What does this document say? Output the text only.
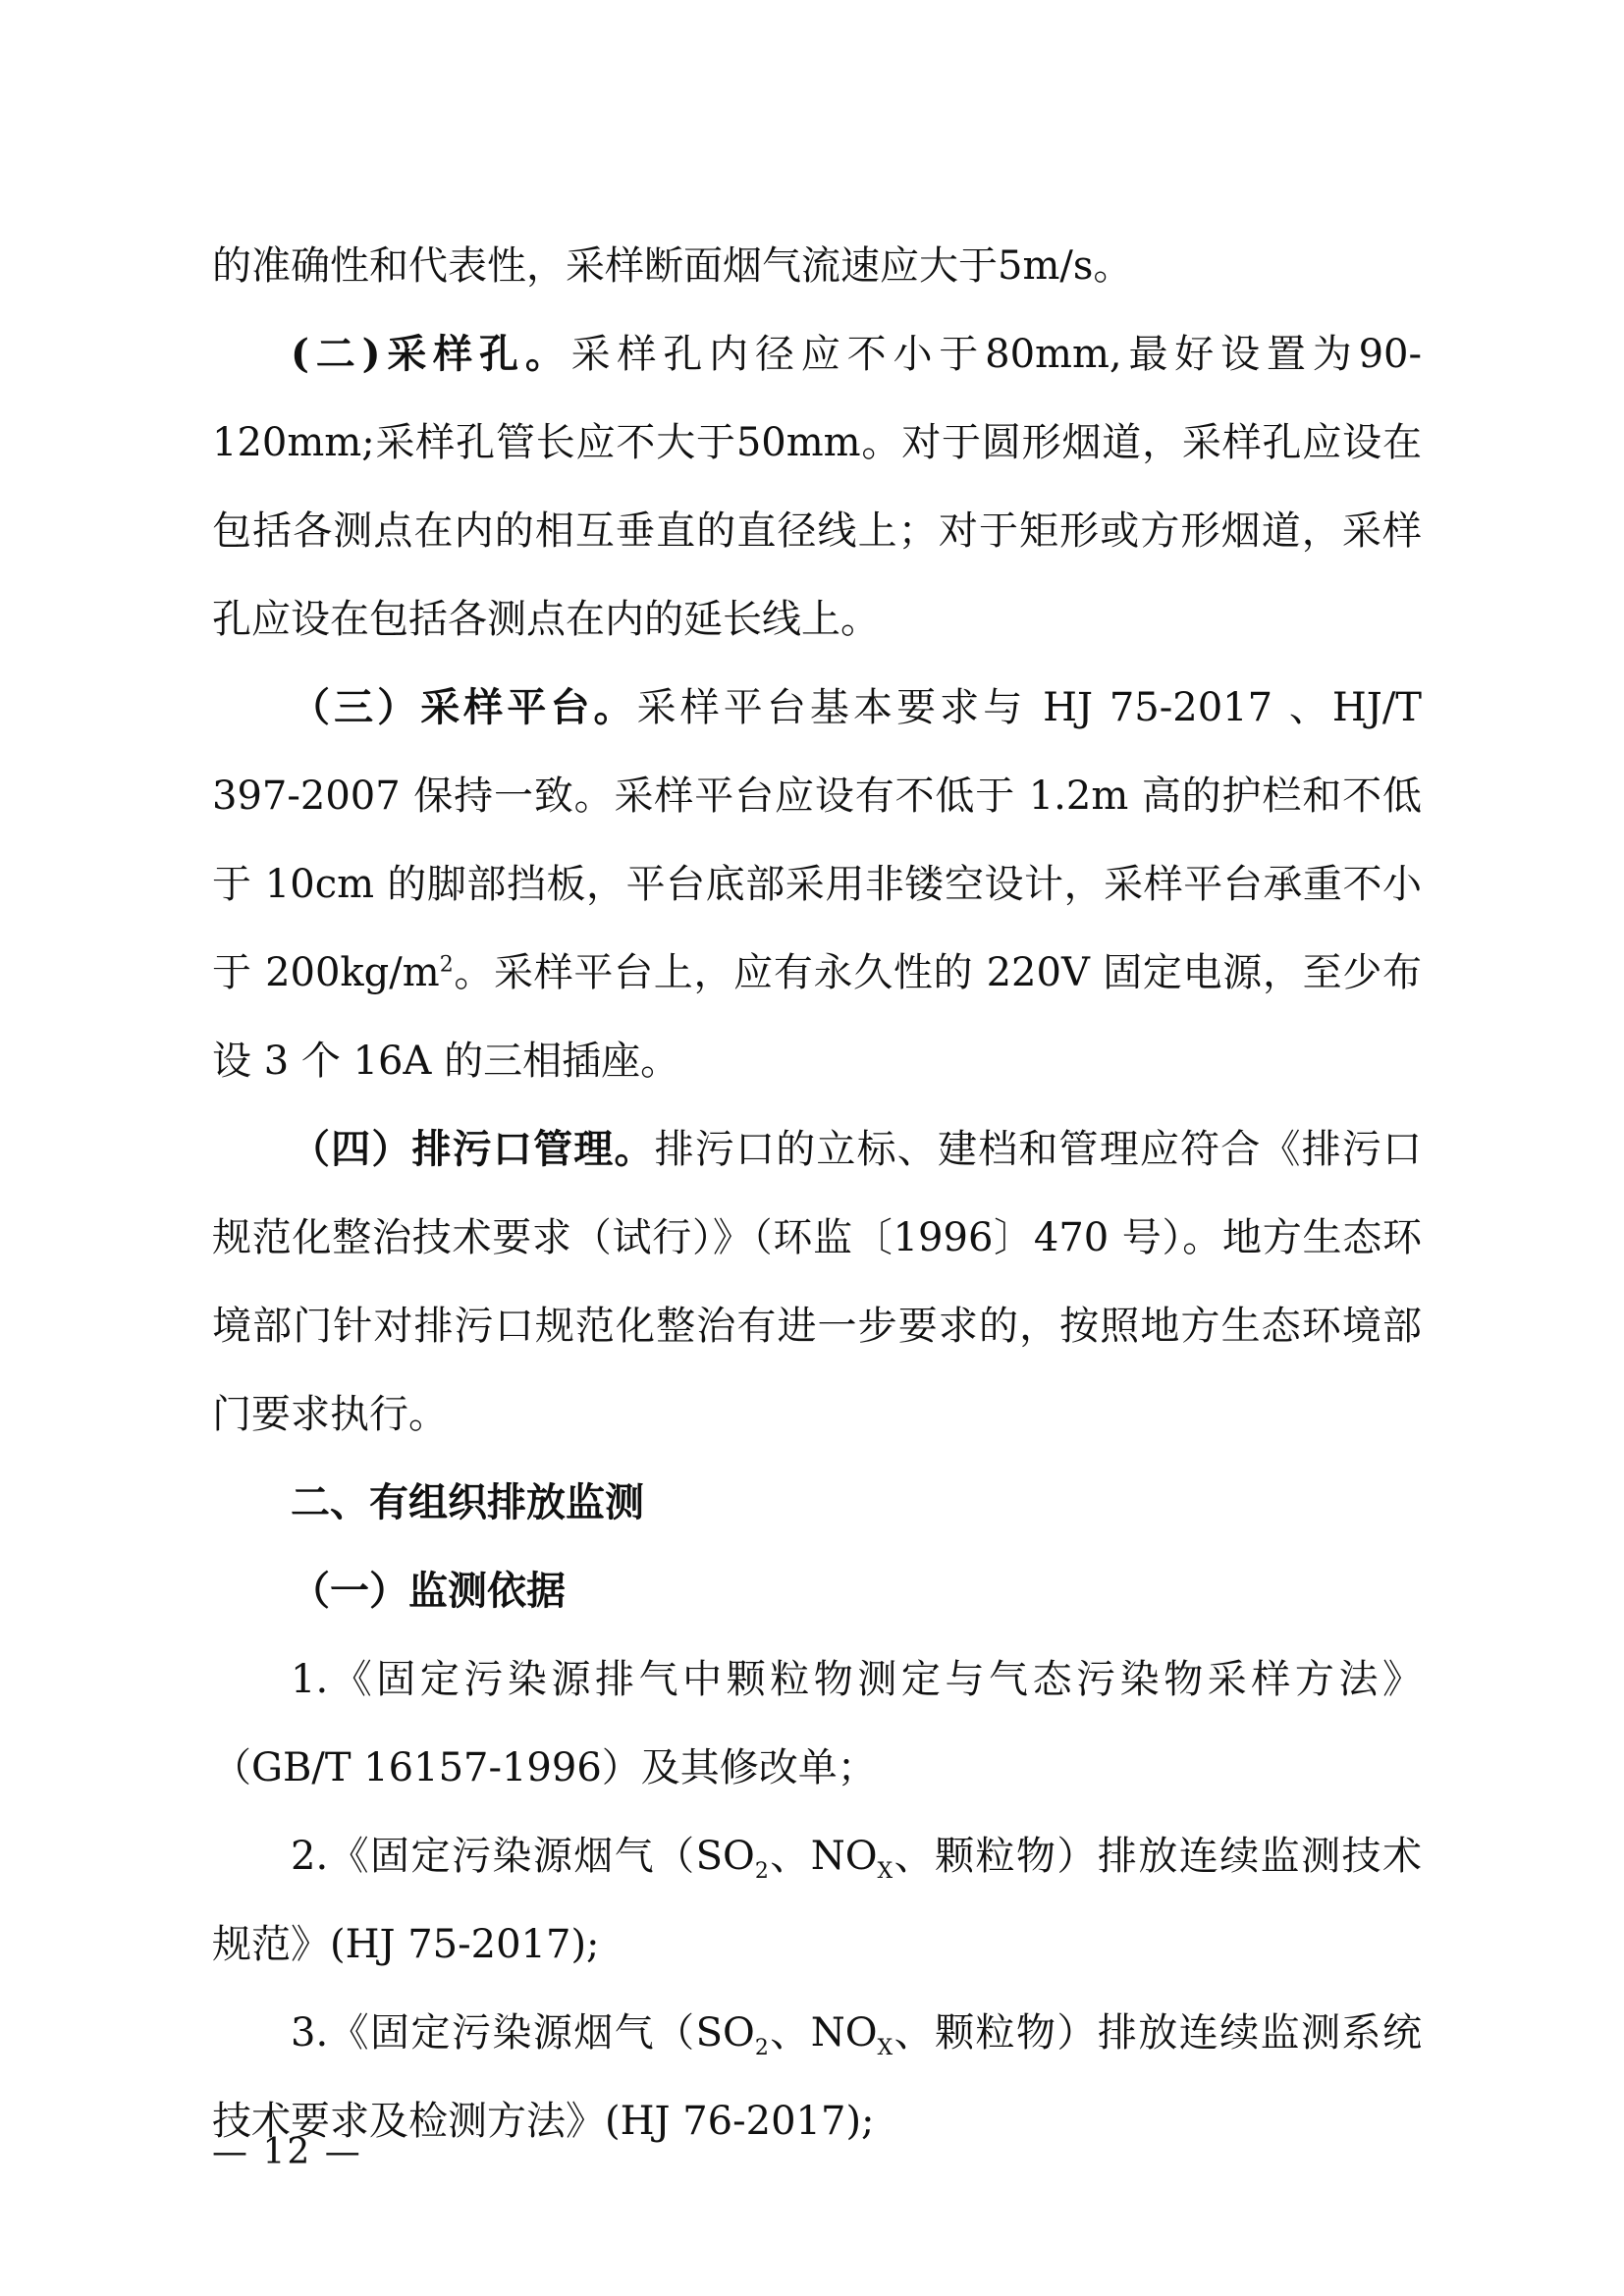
的准确性和代表性，采样断面烟气流速应大于5m/s。

(二)采样孔。采样孔内径应不小于80mm,最好设置为90-120mm;采样孔管长应不大于50mm。对于圆形烟道，采样孔应设在包括各测点在内的相互垂直的直径线上；对于矩形或方形烟道，采样孔应设在包括各测点在内的延长线上。

（三）采样平台。采样平台基本要求与 HJ 75-2017 、HJ/T 397-2007 保持一致。采样平台应设有不低于 1.2m 高的护栏和不低于 10cm 的脚部挡板，平台底部采用非镂空设计，采样平台承重不小于 $200kg/m^2$。采样平台上，应有永久性的 220V 固定电源，至少布设 3 个 16A 的三相插座。

（四）排污口管理。排污口的立标、建档和管理应符合《排污口规范化整治技术要求（试行）》（环监〔1996〕470 号）。地方生态环境部门针对排污口规范化整治有进一步要求的，按照地方生态环境部门要求执行。

二、有组织排放监测

（一）监测依据

1.《固定污染源排气中颗粒物测定与气态污染物采样方法》（GB/T 16157-1996）及其修改单；

2.《固定污染源烟气（$SO_2$、$NO_X$、颗粒物）排放连续监测技术规范》(HJ 75-2017);

3.《固定污染源烟气（$SO_2$、$NO_X$、颗粒物）排放连续监测系统技术要求及检测方法》(HJ 76-2017);

— 12 —
